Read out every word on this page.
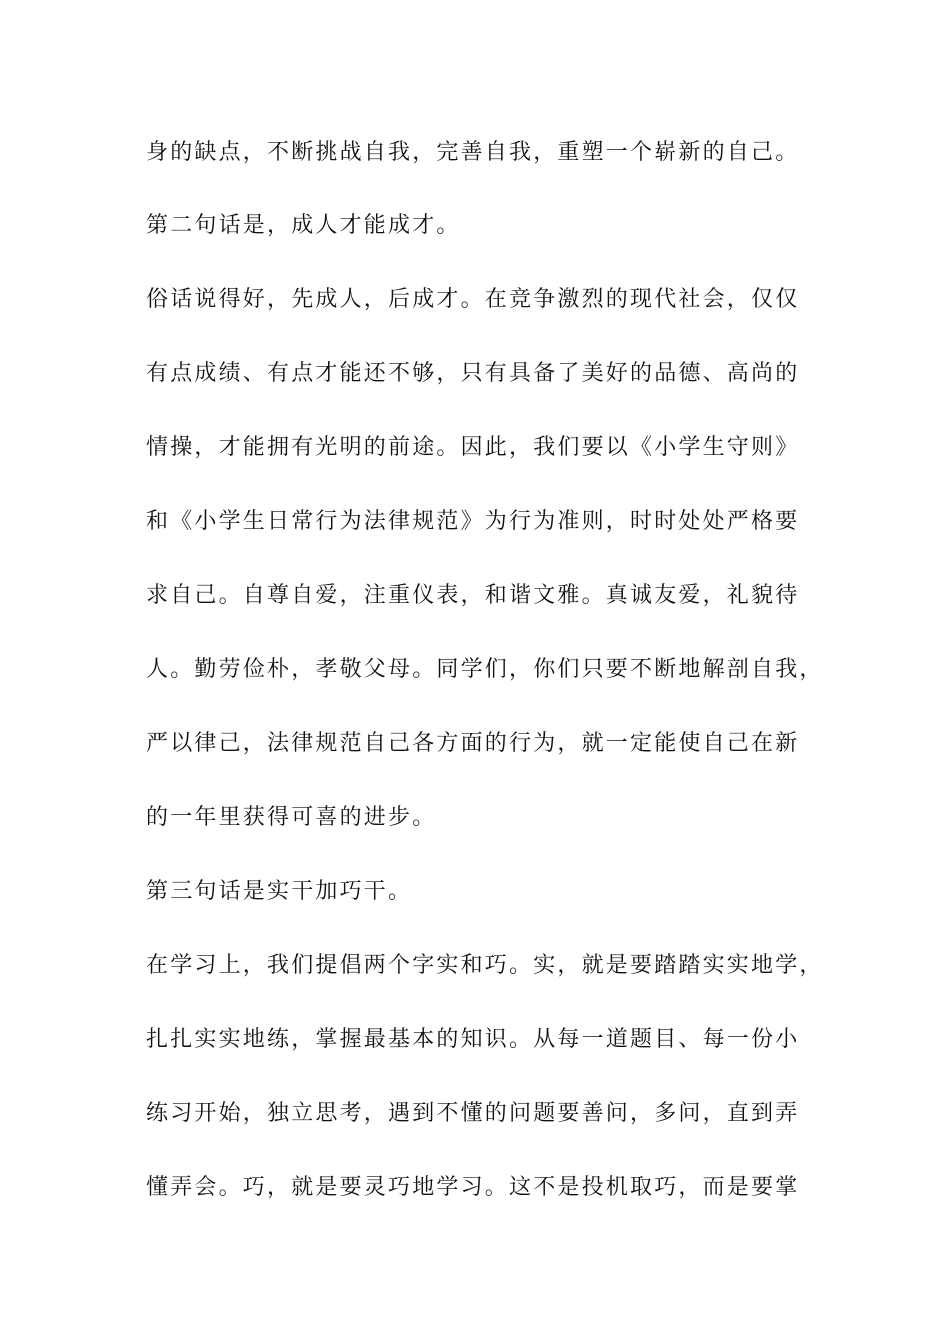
身的缺点，不断挑战自我，完善自我，重塑一个崭新的自己。
第二句话是，成人才能成才。
俗话说得好，先成人，后成才。在竞争激烈的现代社会，仅仅
有点成绩、有点才能还不够，只有具备了美好的品德、高尚的
情操，才能拥有光明的前途。因此，我们要以《小学生守则》
和《小学生日常行为法律规范》为行为准则，时时处处严格要
求自己。自尊自爱，注重仪表，和谐文雅。真诚友爱，礼貌待
人。勤劳俭朴，孝敬父母。同学们，你们只要不断地解剖自我，
严以律己，法律规范自己各方面的行为，就一定能使自己在新
的一年里获得可喜的进步。
第三句话是实干加巧干。
在学习上，我们提倡两个字实和巧。实，就是要踏踏实实地学，
扎扎实实地练，掌握最基本的知识。从每一道题目、每一份小
练习开始，独立思考，遇到不懂的问题要善问，多问，直到弄
懂弄会。巧，就是要灵巧地学习。这不是投机取巧，而是要掌
